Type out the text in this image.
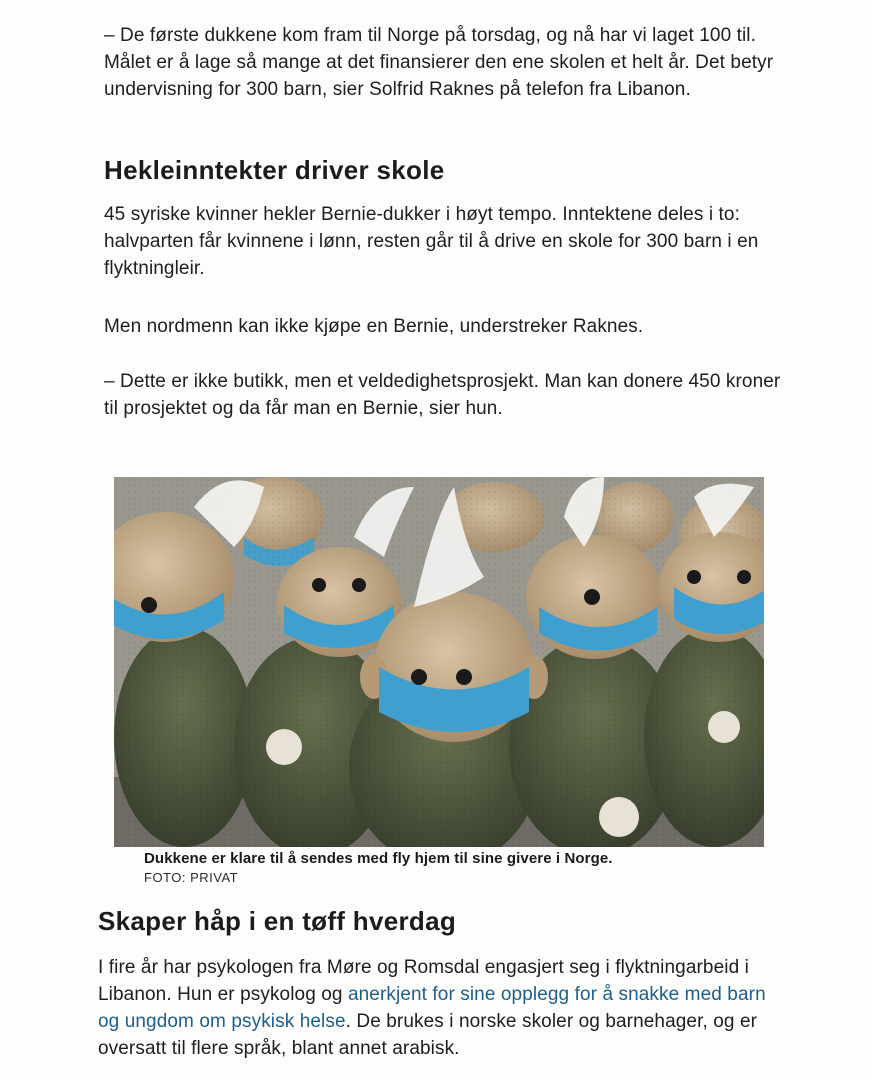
– De første dukkene kom fram til Norge på torsdag, og nå har vi laget 100 til. Målet er å lage så mange at det finansierer den ene skolen et helt år. Det betyr undervisning for 300 barn, sier Solfrid Raknes på telefon fra Libanon.

Hekleinntekter driver skole

45 syriske kvinner hekler Bernie-dukker i høyt tempo. Inntektene deles i to: halvparten får kvinnene i lønn, resten går til å drive en skole for 300 barn i en flyktningleir.

Men nordmenn kan ikke kjøpe en Bernie, understreker Raknes.

– Dette er ikke butikk, men et veldedighetsprosjekt. Man kan donere 450 kroner til prosjektet og da får man en Bernie, sier hun.

Dukkene er klare til å sendes med fly hjem til sine givere i Norge.

FOTO: PRIVAT

Skaper håp i en tøff hverdag

I fire år har psykologen fra Møre og Romsdal engasjert seg i flyktningarbeid i Libanon. Hun er psykolog og anerkjent for sine opplegg for å snakke med barn og ungdom om psykisk helse. De brukes i norske skoler og barnehager, og er oversatt til flere språk, blant annet arabisk.
